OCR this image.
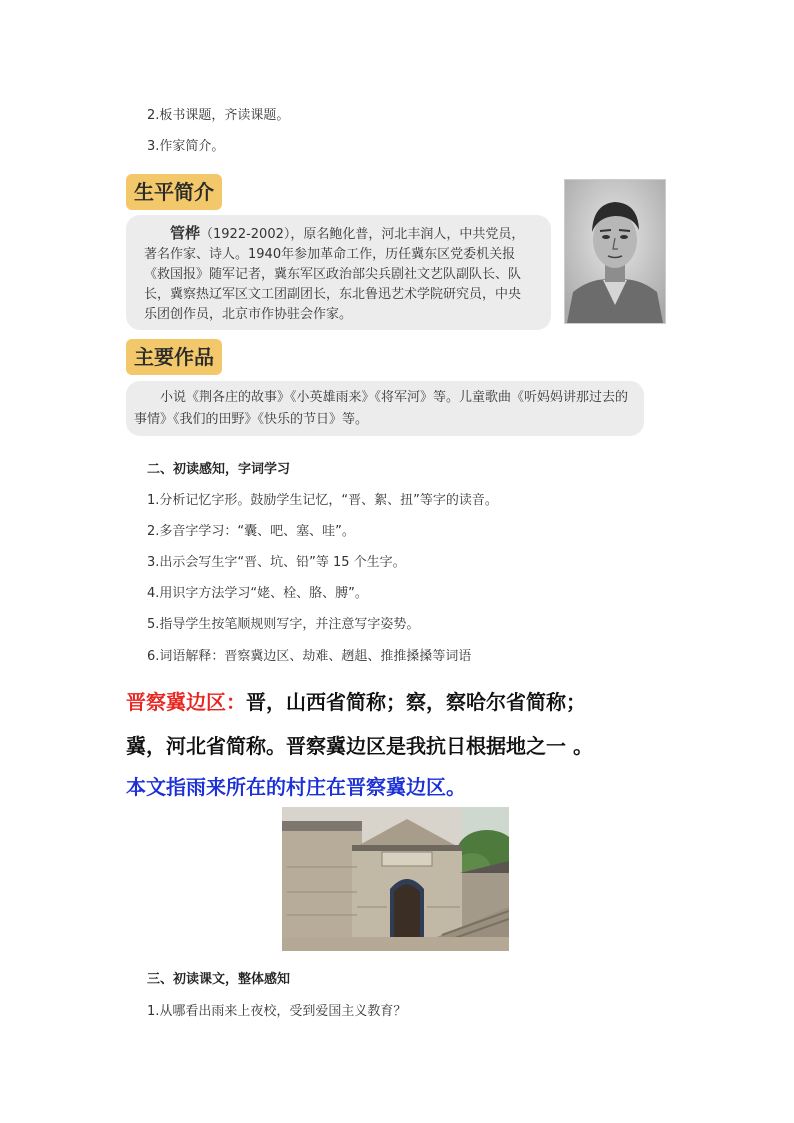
2.板书课题，齐读课题。
3.作家简介。
生平简介
管桦（1922-2002），原名鲍化普，河北丰润人，中共党员，著名作家、诗人。1940年参加革命工作，历任冀东区党委机关报《救国报》随军记者，冀东军区政治部尖兵剧社文艺队副队长、队长，冀察热辽军区文工团副团长，东北鲁迅艺术学院研究员，中央乐团创作员，北京市作协驻会作家。
主要作品
小说《荆各庄的故事》《小英雄雨来》《将军河》等。儿童歌曲《听妈妈讲那过去的事情》《我们的田野》《快乐的节日》等。
二、初读感知，字词学习
1.分析记忆字形。鼓励学生记忆，“晋、絮、扭”等字的读音。
2.多音字学习：“囊、吧、塞、哇”。
3.出示会写生字“晋、坑、铅”等 15 个生字。
4.用识字方法学习“姥、栓、胳、膊”。
5.指导学生按笔顺规则写字，并注意写字姿势。
6.词语解释：晋察冀边区、劫难、趔趄、推推搡搡等词语
晋察冀边区：晋，山西省简称；察，察哈尔省简称；
冀，河北省简称。晋察冀边区是我抗日根据地之一 。
本文指雨来所在的村庄在晋察冀边区。
三、初读课文，整体感知
1.从哪看出雨来上夜校，受到爱国主义教育？
